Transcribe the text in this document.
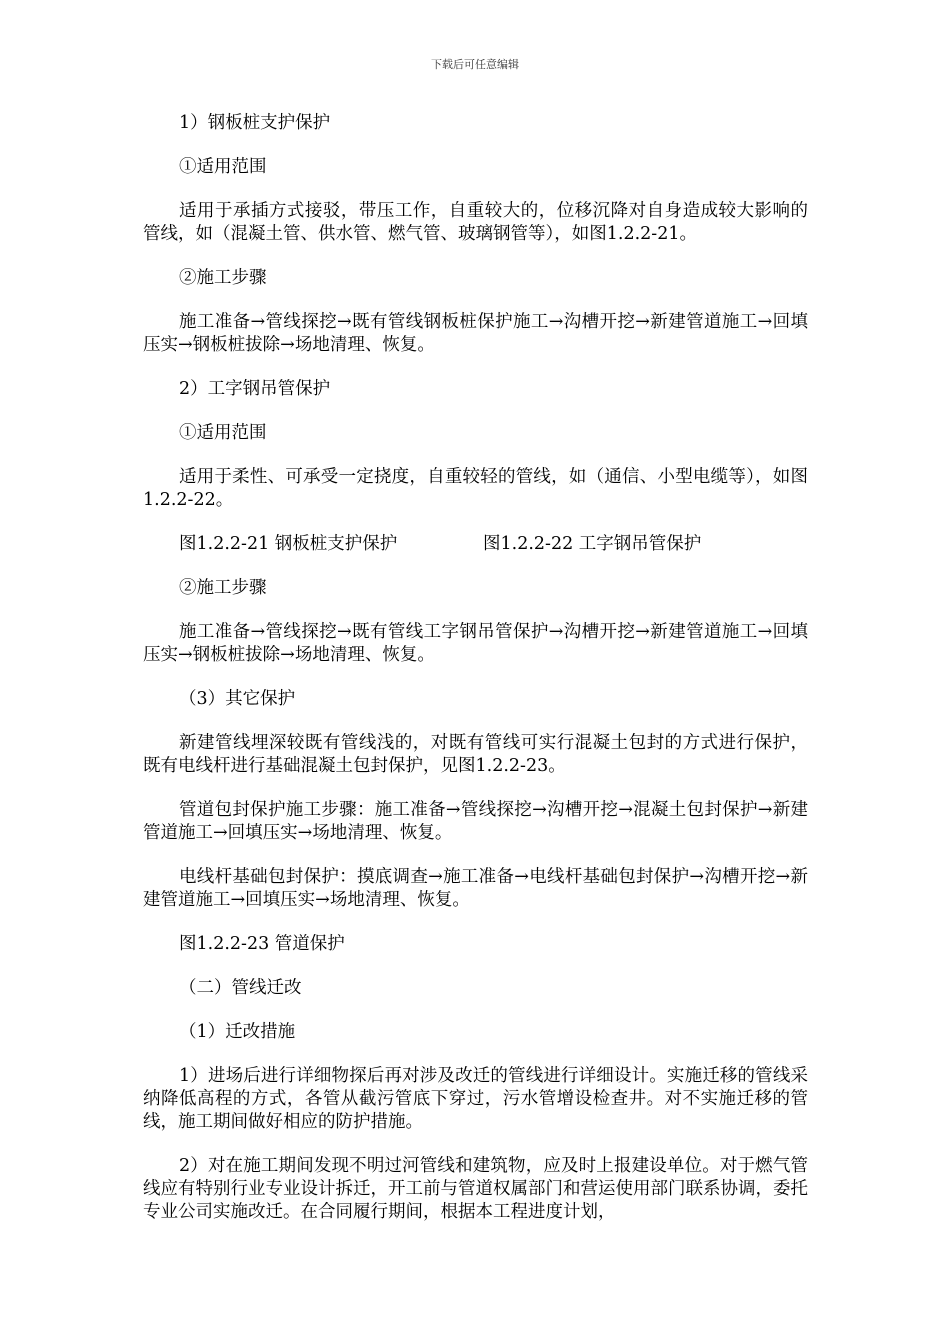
下载后可任意编辑

1）钢板桩支护保护

①适用范围

适用于承插方式接驳，带压工作，自重较大的，位移沉降对自身造成较大影响的管线，如（混凝土管、供水管、燃气管、玻璃钢管等），如图1.2.2-21。

②施工步骤

施工准备→管线探挖→既有管线钢板桩保护施工→沟槽开挖→新建管道施工→回填压实→钢板桩拔除→场地清理、恢复。

2）工字钢吊管保护

①适用范围

适用于柔性、可承受一定挠度，自重较轻的管线，如（通信、小型电缆等），如图1.2.2-22。

图1.2.2-21 钢板桩支护保护	图1.2.2-22 工字钢吊管保护

②施工步骤

施工准备→管线探挖→既有管线工字钢吊管保护→沟槽开挖→新建管道施工→回填压实→钢板桩拔除→场地清理、恢复。

（3）其它保护

新建管线埋深较既有管线浅的，对既有管线可实行混凝土包封的方式进行保护，既有电线杆进行基础混凝土包封保护，见图1.2.2-23。

管道包封保护施工步骤：施工准备→管线探挖→沟槽开挖→混凝土包封保护→新建管道施工→回填压实→场地清理、恢复。

电线杆基础包封保护：摸底调查→施工准备→电线杆基础包封保护→沟槽开挖→新建管道施工→回填压实→场地清理、恢复。

图1.2.2-23 管道保护

（二）管线迁改

（1）迁改措施

1）进场后进行详细物探后再对涉及改迁的管线进行详细设计。实施迁移的管线采纳降低高程的方式，各管从截污管底下穿过，污水管增设检查井。对不实施迁移的管线，施工期间做好相应的防护措施。

2）对在施工期间发现不明过河管线和建筑物，应及时上报建设单位。对于燃气管线应有特别行业专业设计拆迁，开工前与管道权属部门和营运使用部门联系协调，委托专业公司实施改迁。在合同履行期间，根据本工程进度计划，
